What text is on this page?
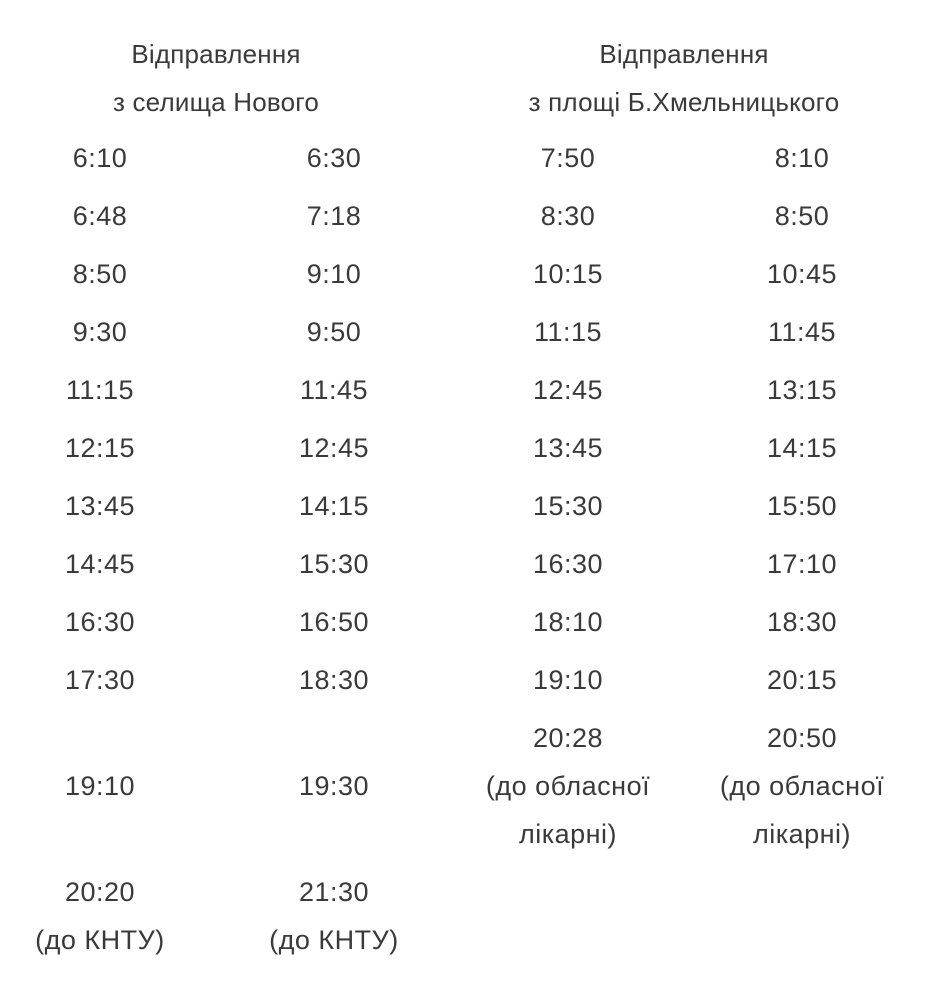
Відправлення
з селища Нового
Відправлення
з площі Б.Хмельницького
6:10
6:48
8:50
9:30
11:15
12:15
13:45
14:45
16:30
17:30
19:10
20:20
(до КНТУ)
6:30
7:18
9:10
9:50
11:45
12:45
14:15
15:30
16:50
18:30
19:30
21:30
(до КНТУ)
7:50
8:30
10:15
11:15
12:45
13:45
15:30
16:30
18:10
19:10
20:28
(до обласної
лікарні)
8:10
8:50
10:45
11:45
13:15
14:15
15:50
17:10
18:30
20:15
20:50
(до обласної
лікарні)
